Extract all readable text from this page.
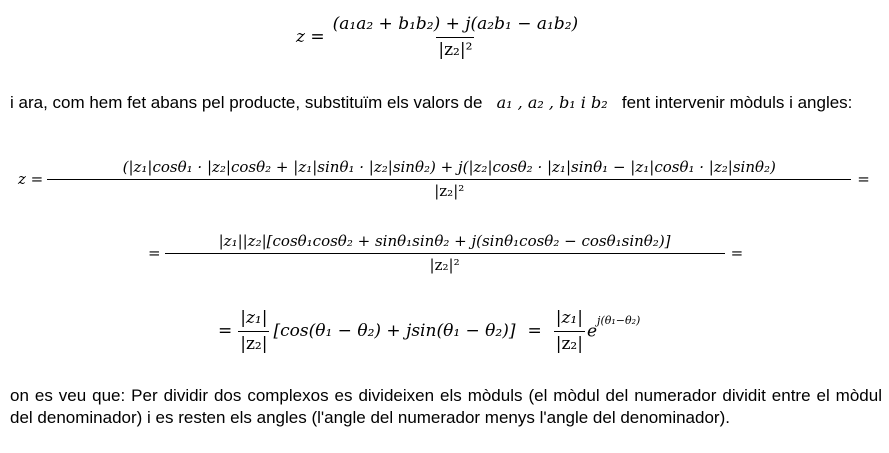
$z = \frac{\text{(a₁a₂ + b₁b₂) + j(a₂b₁ − a₁b₂)}}{\text{|z₂|²}}$
i ara, com hem fet abans pel producte, substituïm els valors de a₁ , a₂ , b₁ i b₂ fent intervenir mòduls i angles:
z =
(|z₁|cosθ₁ · |z₂|cosθ₂ + |z₁|sinθ₁ · |z₂|sinθ₂) + j(|z₂|cosθ₂ · |z₁|sinθ₁ − |z₁|cosθ₁ · |z₂|sinθ₂)
|z₂|²
=
=
|z₁||z₂|[cosθ₁cosθ₂ + sinθ₁sinθ₂ + j(sinθ₁cosθ₂ − cosθ₁sinθ₂)]
|z₂|²
=
= $\frac{\text{|z₁|}}{\text{|z₂|}} [\cos(\theta_1 - \theta_2) + jsin(\theta_1 - \theta_2)] = \frac{\text{|z₁|}}{\text{|z₂|}} e^{j(\theta_1-\theta_2)}$
on es veu que: Per dividir dos complexos es divideixen els mòduls (el mòdul del numerador dividit entre el mòdul del denominador) i es resten els angles (l'angle del numerador menys l'angle del denominador).
